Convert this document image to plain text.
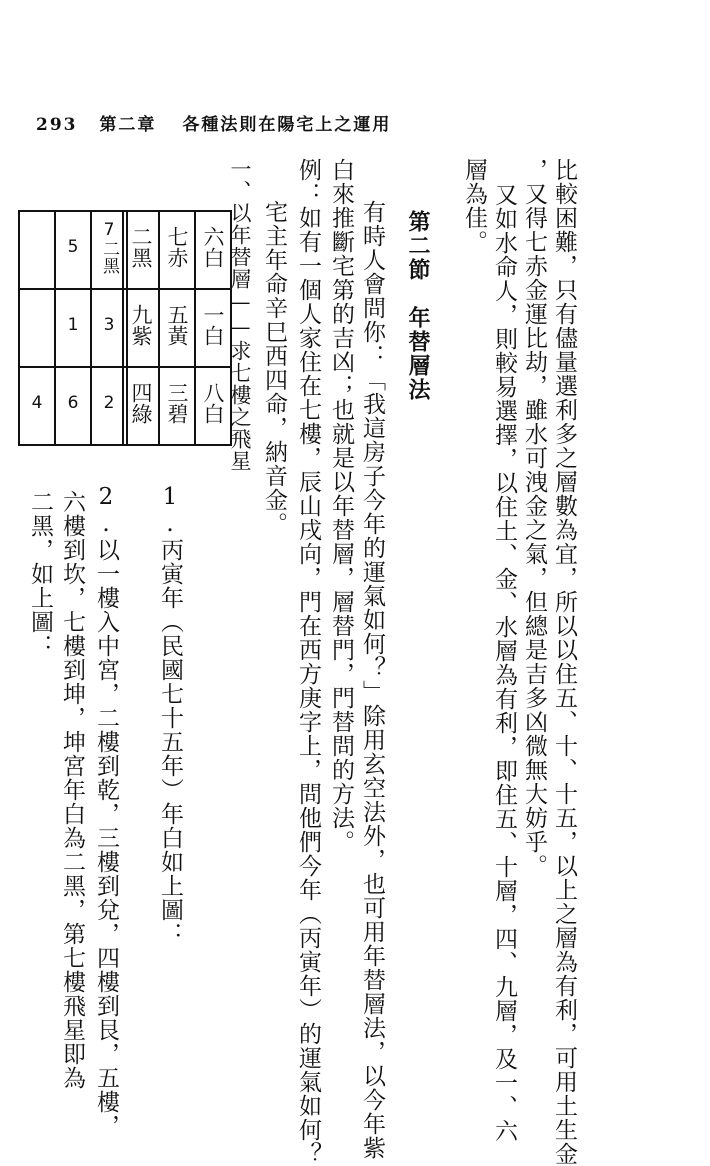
293 第二章 各種法則在陽宅上之運用
比較困難，只有儘量選利多之層數為宜，所以以住五、十、十五，以上之層為有利，可用土生金
，又得七赤金運比劫，雖水可洩金之氣，但總是吉多凶微無大妨乎。
又如水命人，則較易選擇，以住土、金、水層為有利，即住五、十層，四、九層，及一、六
層為佳。
第二節　年替層法
有時人會問你：「我這房子今年的運氣如何？」除用玄空法外，也可用年替層法，以今年紫
白來推斷宅第的吉凶；也就是以年替層，層替門，門替問的方法。
例：如有一個人家住在七樓，辰山戌向，門在西方庚字上，問他們今年（丙寅年）的運氣如何？
宅主年命辛巳西四命，納音金。
一、以年替層——求七樓之飛星
1.丙寅年（民國七十五年）年白如上圖：
2.以一樓入中宮，二樓到乾，三樓到兌，四樓到艮，五樓，
六樓到坎，七樓到坤，坤宮年白為二黑，第七樓飛星即為
二黑，如上圖：
二黑	七赤	六白
九紫	五黃	一白
四綠	三碧	八白
	5	7二黑
	1	3
4	6	2
